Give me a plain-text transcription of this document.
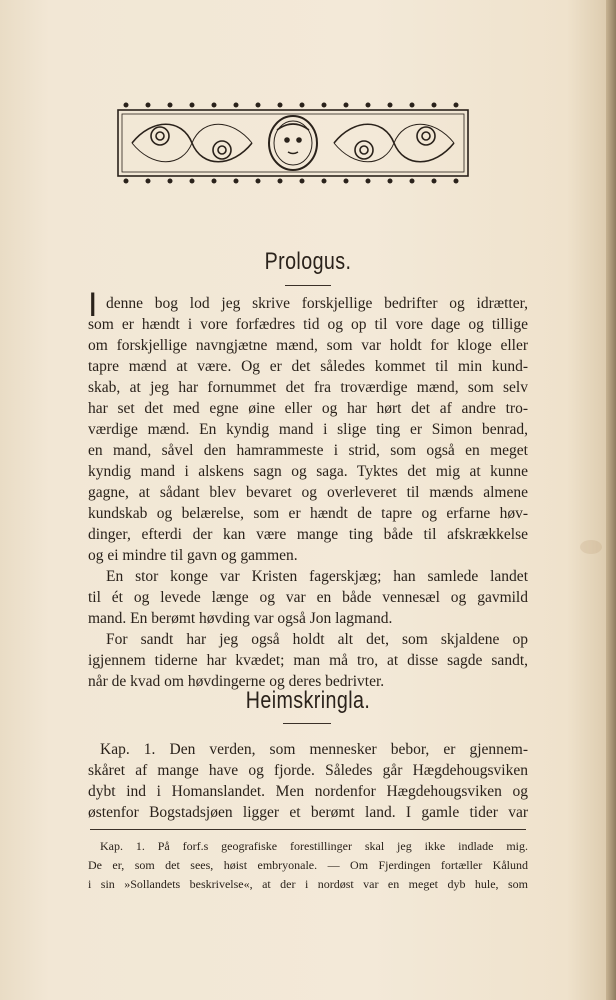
Prologus.
I denne bog lod jeg skrive forskjellige bedrifter og idrætter,
som er hændt i vore forfædres tid og op til vore dage og tillige
om forskjellige navngjætne mænd, som var holdt for kloge eller
tapre mænd at være. Og er det således kommet til min kund-
skab, at jeg har fornummet det fra troværdige mænd, som selv
har set det med egne øine eller og har hørt det af andre tro-
værdige mænd. En kyndig mand i slige ting er Simon benrad,
en mand, såvel den hamrammeste i strid, som også en meget
kyndig mand i alskens sagn og saga. Tyktes det mig at kunne
gagne, at sådant blev bevaret og overleveret til mænds almene
kundskab og belærelse, som er hændt de tapre og erfarne høv-
dinger, efterdi der kan være mange ting både til afskrækkelse
og ei mindre til gavn og gammen.
En stor konge var Kristen fagerskjæg; han samlede landet
til ét og levede længe og var en både vennesæl og gavmild
mand. En berømt høvding var også Jon lagmand.
For sandt har jeg også holdt alt det, som skjaldene op
igjennem tiderne har kvædet; man må tro, at disse sagde sandt,
når de kvad om høvdingerne og deres bedrivter.
Heimskringla.
Kap. 1. Den verden, som mennesker bebor, er gjennem-
skåret af mange have og fjorde. Således går Hægdehougsviken
dybt ind i Homanslandet. Men nordenfor Hægdehougsviken og
østenfor Bogstadsjøen ligger et berømt land. I gamle tider var
Kap. 1. På forf.s geografiske forestillinger skal jeg ikke indlade mig.
De er, som det sees, høist embryonale. — Om Fjerdingen fortæller Kålund
i sin »Sollandets beskrivelse«, at der i nordøst var en meget dyb hule, som
